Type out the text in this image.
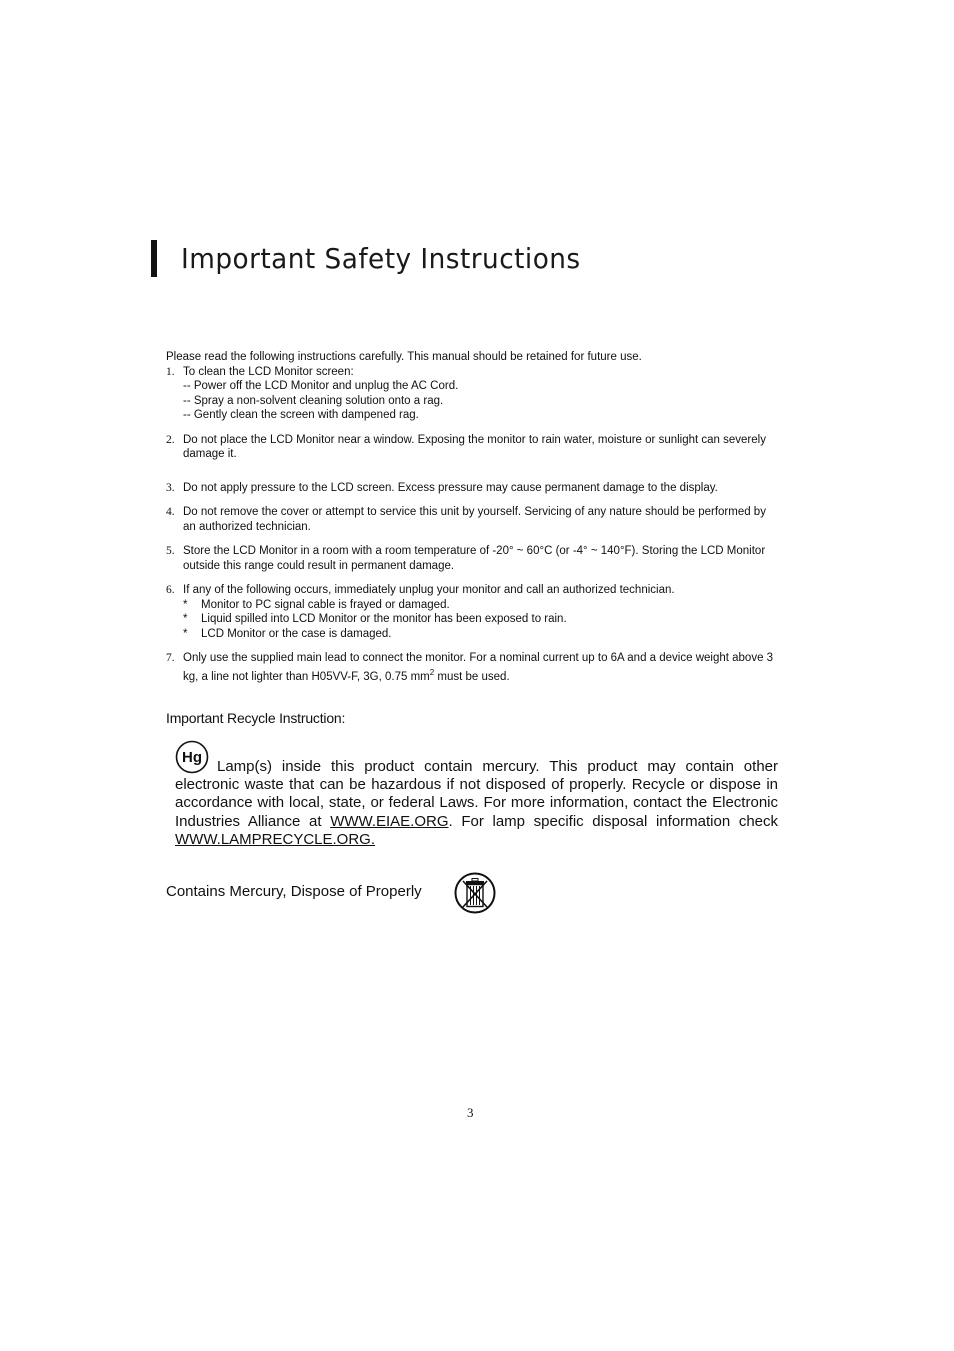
Important Safety Instructions

Please read the following instructions carefully. This manual should be retained for future use.

1. To clean the LCD Monitor screen:
-- Power off the LCD Monitor and unplug the AC Cord.
-- Spray a non-solvent cleaning solution onto a rag.
-- Gently clean the screen with dampened rag.
2. Do not place the LCD Monitor near a window. Exposing the monitor to rain water, moisture or sunlight can severely damage it.
3. Do not apply pressure to the LCD screen. Excess pressure may cause permanent damage to the display.
4. Do not remove the cover or attempt to service this unit by yourself. Servicing of any nature should be performed by an authorized technician.
5. Store the LCD Monitor in a room with a room temperature of -20° ~ 60°C (or -4° ~ 140°F). Storing the LCD Monitor outside this range could result in permanent damage.
6. If any of the following occurs, immediately unplug your monitor and call an authorized technician.
* Monitor to PC signal cable is frayed or damaged.
* Liquid spilled into LCD Monitor or the monitor has been exposed to rain.
* LCD Monitor or the case is damaged.
7. Only use the supplied main lead to connect the monitor. For a nominal current up to 6A and a device weight above 3 kg, a line not lighter than H05VV-F, 3G, 0.75 $mm^2$ must be used.
Important Recycle Instruction:
Hg

Lamp(s) inside this product contain mercury. This product may contain other electronic waste that can be hazardous if not disposed of properly. Recycle or dispose in accordance with local, state, or federal Laws. For more information, contact the Electronic Industries Alliance at WWW.EIAE.ORG. For lamp specific disposal information check WWW.LAMPRECYCLE.ORG.

Contains Mercury, Dispose of Properly

3
